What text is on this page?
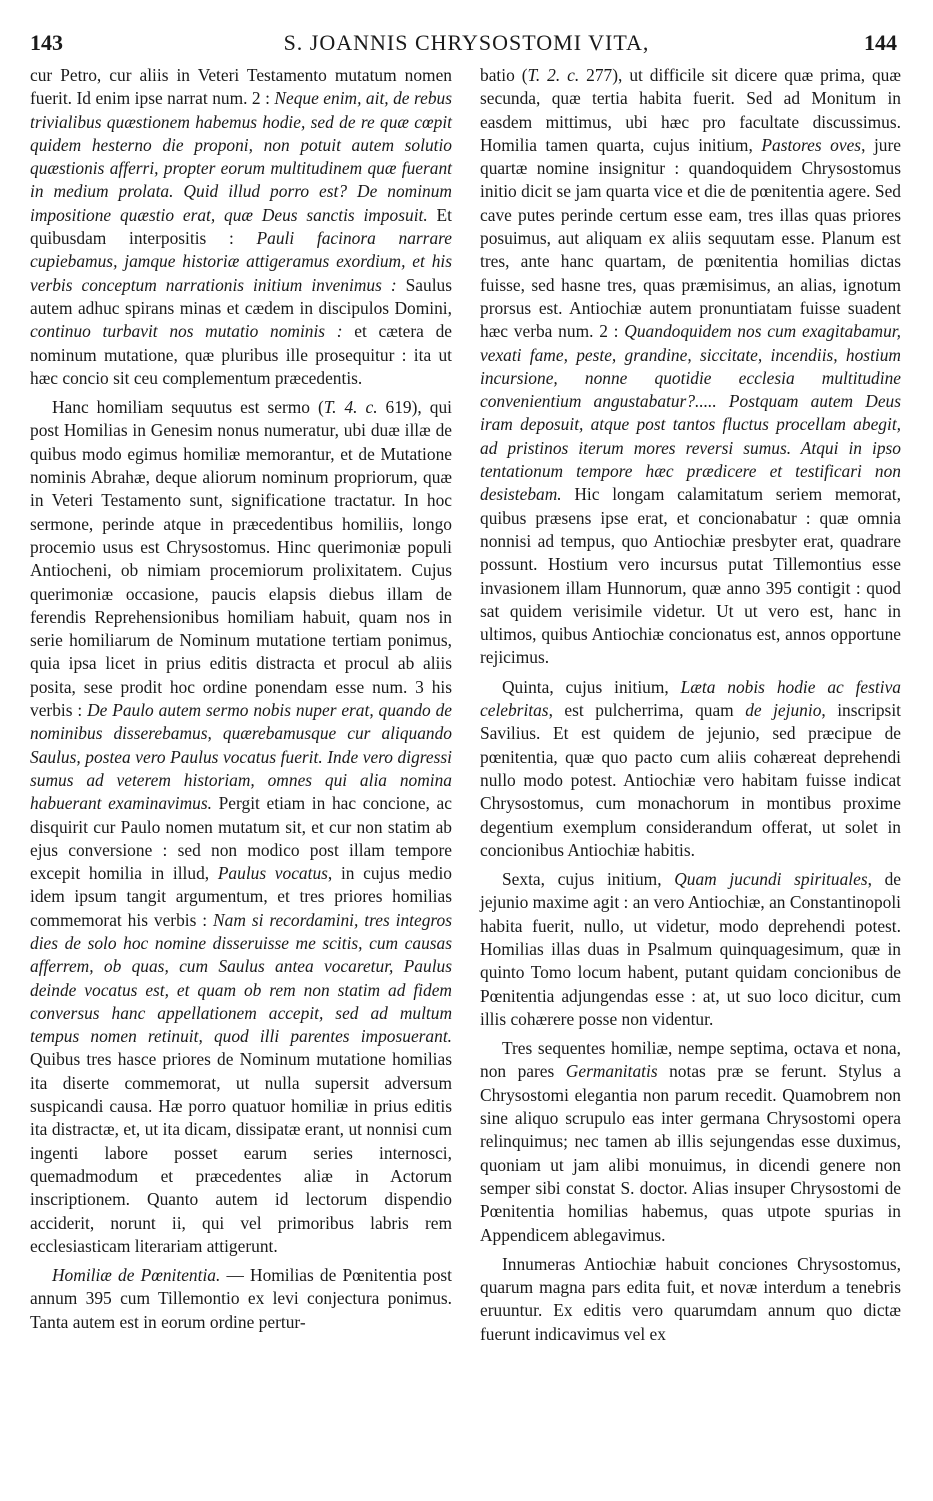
143	S. JOANNIS CHRYSOSTOMI VITA,	144

cur Petro, cur aliis in Veteri Testamento mutatum nomen fuerit. Id enim ipse narrat num. 2 : Neque enim, ait, de rebus trivialibus quæstionem habemus hodie, sed de re quæ cœpit quidem hesterno die proponi, non potuit autem solutio quæstionis afferri, propter eorum multitudinem quæ fuerant in medium prolata. Quid illud porro est? De nominum impositione quæstio erat, quæ Deus sanctis imposuit. Et quibusdam interpositis : Pauli facinora narrare cupiebamus, jamque historiæ attigeramus exordium, et his verbis conceptum narrationis initium invenimus : Saulus autem adhuc spirans minas et cædem in discipulos Domini, continuo turbavit nos mutatio nominis : et cætera de nominum mutatione, quæ pluribus ille prosequitur : ita ut hæc concio sit ceu complementum præcedentis.

Hanc homiliam sequutus est sermo (T. 4. c. 619), qui post Homilias in Genesim nonus numeratur, ubi duæ illæ de quibus modo egimus homiliæ memorantur, et de Mutatione nominis Abrahæ, deque aliorum nominum propriorum, quæ in Veteri Testamento sunt, significatione tractatur. In hoc sermone, perinde atque in præcedentibus homiliis, longo procemio usus est Chrysostomus. Hinc querimoniæ populi Antiocheni, ob nimiam procemiorum prolixitatem. Cujus querimoniæ occasione, paucis elapsis diebus illam de ferendis Reprehensionibus homiliam habuit, quam nos in serie homiliarum de Nominum mutatione tertiam ponimus, quia ipsa licet in prius editis distracta et procul ab aliis posita, sese prodit hoc ordine ponendam esse num. 3 his verbis : De Paulo autem sermo nobis nuper erat, quando de nominibus disserebamus, quærebamusque cur aliquando Saulus, postea vero Paulus vocatus fuerit. Inde vero digressi sumus ad veterem historiam, omnes qui alia nomina habuerant examinavimus. Pergit etiam in hac concione, ac disquirit cur Paulo nomen mutatum sit, et cur non statim ab ejus conversione : sed non modico post illam tempore excepit homilia in illud, Paulus vocatus, in cujus medio idem ipsum tangit argumentum, et tres priores homilias commemorat his verbis : Nam si recordamini, tres integros dies de solo hoc nomine disseruisse me scitis, cum causas afferrem, ob quas, cum Saulus antea vocaretur, Paulus deinde vocatus est, et quam ob rem non statim ad fidem conversus hanc appellationem accepit, sed ad multum tempus nomen retinuit, quod illi parentes imposuerant. Quibus tres hasce priores de Nominum mutatione homilias ita diserte commemorat, ut nulla supersit adversum suspicandi causa. Hæ porro quatuor homiliæ in prius editis ita distractæ, et, ut ita dicam, dissipatæ erant, ut nonnisi cum ingenti labore posset earum series internosci, quemadmodum et præcedentes aliæ in Actorum inscriptionem. Quanto autem id lectorum dispendio acciderit, norunt ii, qui vel primoribus labris rem ecclesiasticam literariam attigerunt.

Homiliæ de Pœnitentia. — Homilias de Pœnitentia post annum 395 cum Tillemontio ex levi conjectura ponimus. Tanta autem est in eorum ordine pertur-

batio (T. 2. c. 277), ut difficile sit dicere quæ prima, quæ secunda, quæ tertia habita fuerit. Sed ad Monitum in easdem mittimus, ubi hæc pro facultate discussimus. Homilia tamen quarta, cujus initium, Pastores oves, jure quartæ nomine insignitur : quandoquidem Chrysostomus initio dicit se jam quarta vice et die de pœnitentia agere. Sed cave putes perinde certum esse eam, tres illas quas priores posuimus, aut aliquam ex aliis sequutam esse. Planum est tres, ante hanc quartam, de pœnitentia homilias dictas fuisse, sed hasne tres, quas præmisimus, an alias, ignotum prorsus est. Antiochiæ autem pronuntiatam fuisse suadent hæc verba num. 2 : Quandoquidem nos cum exagitabamur, vexati fame, peste, grandine, siccitate, incendiis, hostium incursione, nonne quotidie ecclesia multitudine convenientium angustabatur?..... Postquam autem Deus iram deposuit, atque post tantos fluctus procellam abegit, ad pristinos iterum mores reversi sumus. Atqui in ipso tentationum tempore hæc prædicere et testificari non desistebam. Hic longam calamitatum seriem memorat, quibus præsens ipse erat, et concionabatur : quæ omnia nonnisi ad tempus, quo Antiochiæ presbyter erat, quadrare possunt. Hostium vero incursus putat Tillemontius esse invasionem illam Hunnorum, quæ anno 395 contigit : quod sat quidem verisimile videtur. Ut ut vero est, hanc in ultimos, quibus Antiochiæ concionatus est, annos opportune rejicimus.

Quinta, cujus initium, Læta nobis hodie ac festiva celebritas, est pulcherrima, quam de jejunio, inscripsit Savilius. Et est quidem de jejunio, sed præcipue de pœnitentia, quæ quo pacto cum aliis cohæreat deprehendi nullo modo potest. Antiochiæ vero habitam fuisse indicat Chrysostomus, cum monachorum in montibus proxime degentium exemplum considerandum offerat, ut solet in concionibus Antiochiæ habitis.

Sexta, cujus initium, Quam jucundi spirituales, de jejunio maxime agit : an vero Antiochiæ, an Constantinopoli habita fuerit, nullo, ut videtur, modo deprehendi potest. Homilias illas duas in Psalmum quinquagesimum, quæ in quinto Tomo locum habent, putant quidam concionibus de Pœnitentia adjungendas esse : at, ut suo loco dicitur, cum illis cohærere posse non videntur.

Tres sequentes homiliæ, nempe septima, octava et nona, non pares Germanitatis notas præ se ferunt. Stylus a Chrysostomi elegantia non parum recedit. Quamobrem non sine aliquo scrupulo eas inter germana Chrysostomi opera relinquimus; nec tamen ab illis sejungendas esse duximus, quoniam ut jam alibi monuimus, in dicendi genere non semper sibi constat S. doctor. Alias insuper Chrysostomi de Pœnitentia homilias habemus, quas utpote spurias in Appendicem ablegavimus.

Innumeras Antiochiæ habuit conciones Chrysostomus, quarum magna pars edita fuit, et novæ interdum a tenebris eruuntur. Ex editis vero quarumdam annum quo dictæ fuerunt indicavimus vel ex
